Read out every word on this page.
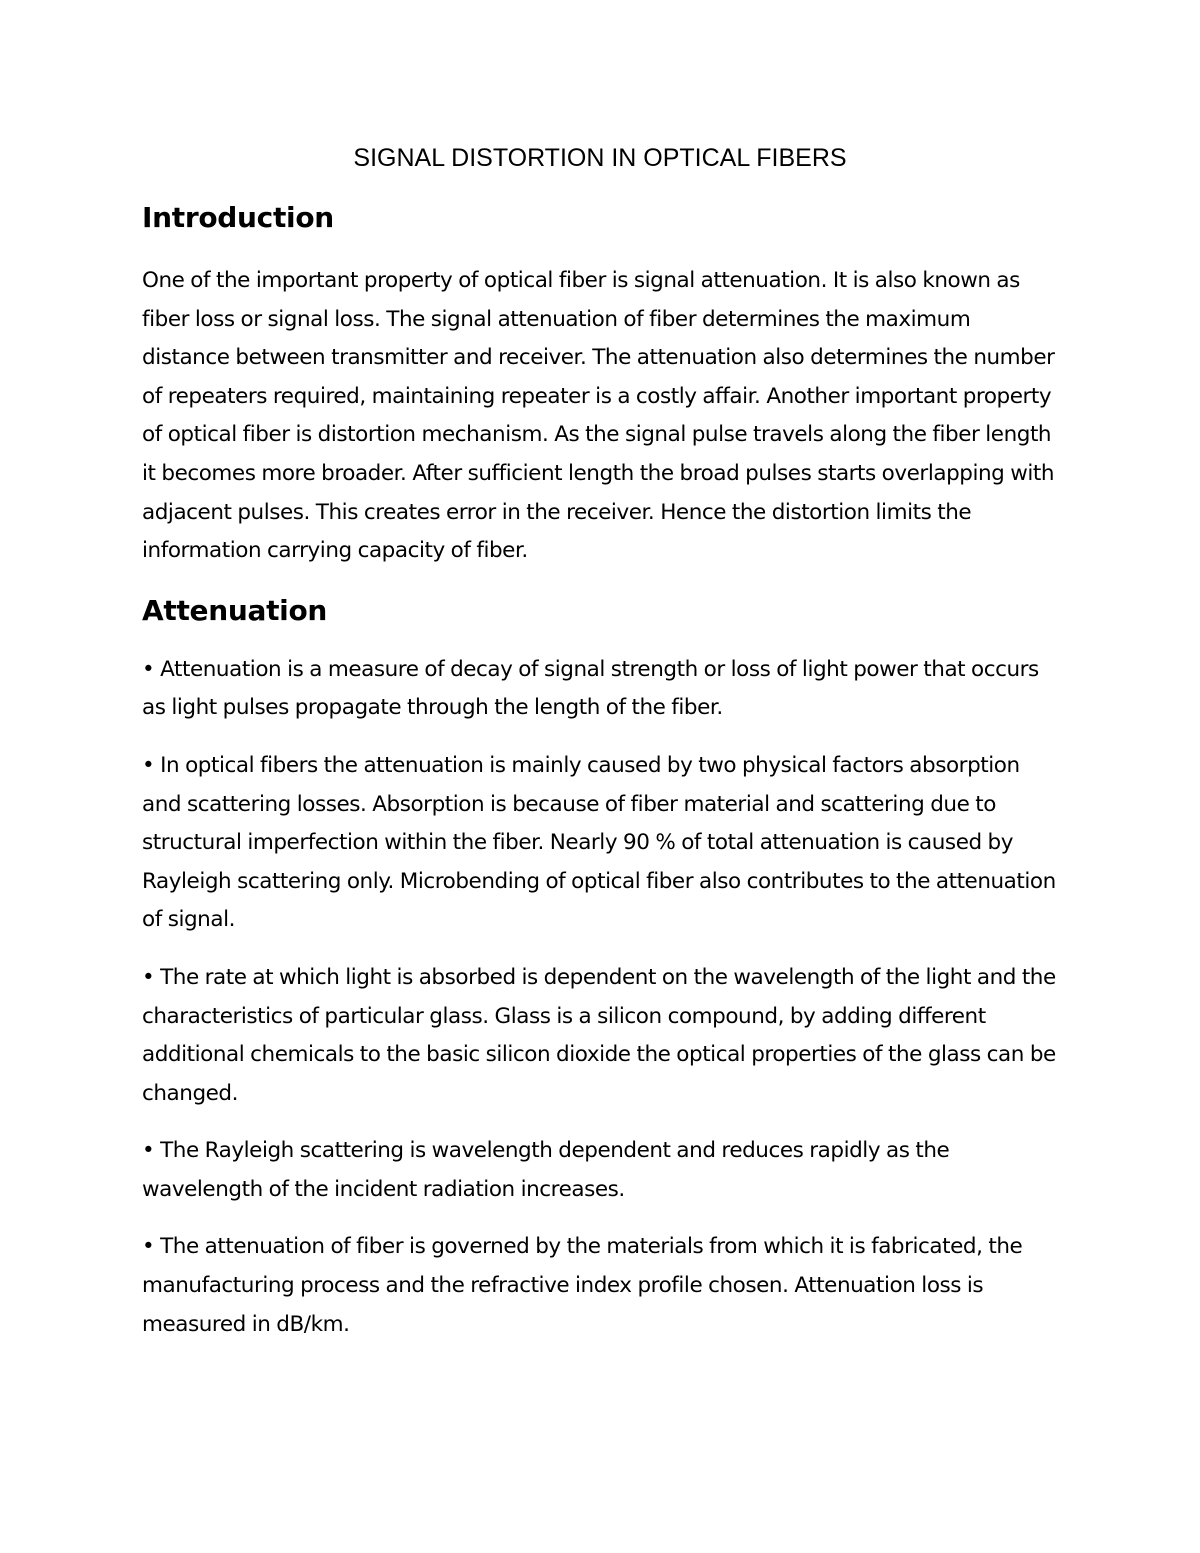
SIGNAL DISTORTION IN OPTICAL FIBERS
Introduction

One of the important property of optical fiber is signal attenuation. It is also known as fiber loss or signal loss. The signal attenuation of fiber determines the maximum distance between transmitter and receiver. The attenuation also determines the number of repeaters required, maintaining repeater is a costly affair. Another important property of optical fiber is distortion mechanism. As the signal pulse travels along the fiber length it becomes more broader. After sufficient length the broad pulses starts overlapping with adjacent pulses. This creates error in the receiver. Hence the distortion limits the information carrying capacity of fiber.

Attenuation

• Attenuation is a measure of decay of signal strength or loss of light power that occurs as light pulses propagate through the length of the fiber.

• In optical fibers the attenuation is mainly caused by two physical factors absorption and scattering losses. Absorption is because of fiber material and scattering due to structural imperfection within the fiber. Nearly 90 % of total attenuation is caused by Rayleigh scattering only. Microbending of optical fiber also contributes to the attenuation of signal.

• The rate at which light is absorbed is dependent on the wavelength of the light and the characteristics of particular glass. Glass is a silicon compound, by adding different additional chemicals to the basic silicon dioxide the optical properties of the glass can be changed.

• The Rayleigh scattering is wavelength dependent and reduces rapidly as the wavelength of the incident radiation increases.

• The attenuation of fiber is governed by the materials from which it is fabricated, the manufacturing process and the refractive index profile chosen. Attenuation loss is measured in dB/km.
